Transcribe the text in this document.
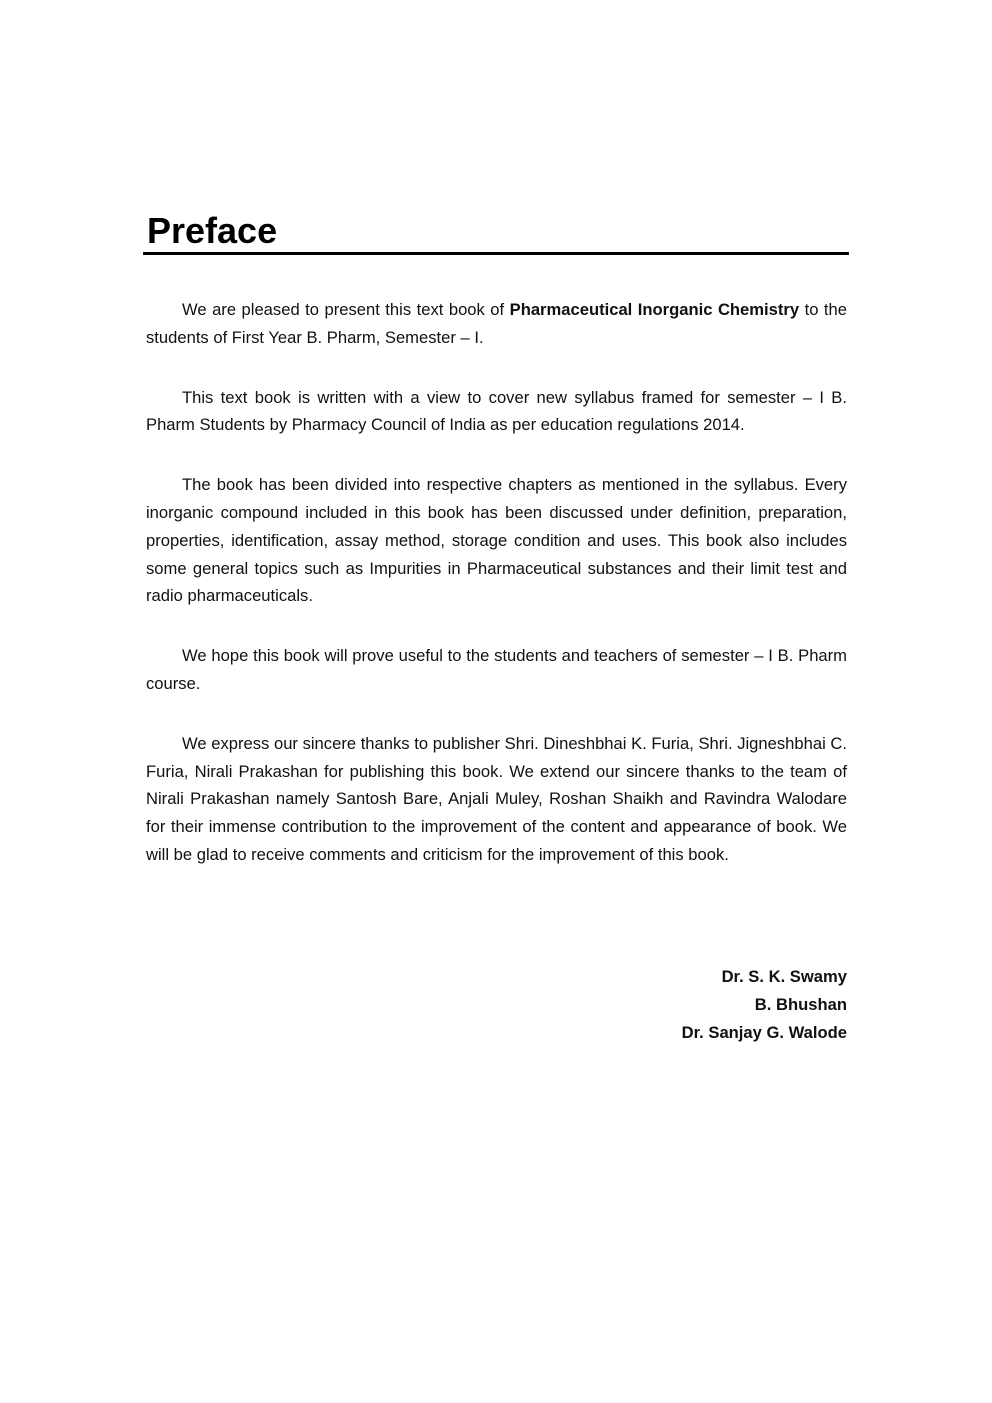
Preface

We are pleased to present this text book of Pharmaceutical Inorganic Chemistry to the students of First Year B. Pharm, Semester – I.

This text book is written with a view to cover new syllabus framed for semester – I B. Pharm Students by Pharmacy Council of India as per education regulations 2014.

The book has been divided into respective chapters as mentioned in the syllabus. Every inorganic compound included in this book has been discussed under definition, preparation, properties, identification, assay method, storage condition and uses. This book also includes some general topics such as Impurities in Pharmaceutical substances and their limit test and radio pharmaceuticals.

We hope this book will prove useful to the students and teachers of semester – I B. Pharm course.

We express our sincere thanks to publisher Shri. Dineshbhai K. Furia, Shri. Jigneshbhai C. Furia, Nirali Prakashan for publishing this book. We extend our sincere thanks to the team of Nirali Prakashan namely Santosh Bare, Anjali Muley, Roshan Shaikh and Ravindra Walodare for their immense contribution to the improvement of the content and appearance of book. We will be glad to receive comments and criticism for the improvement of this book.

Dr. S. K. Swamy
B. Bhushan
Dr. Sanjay G. Walode
